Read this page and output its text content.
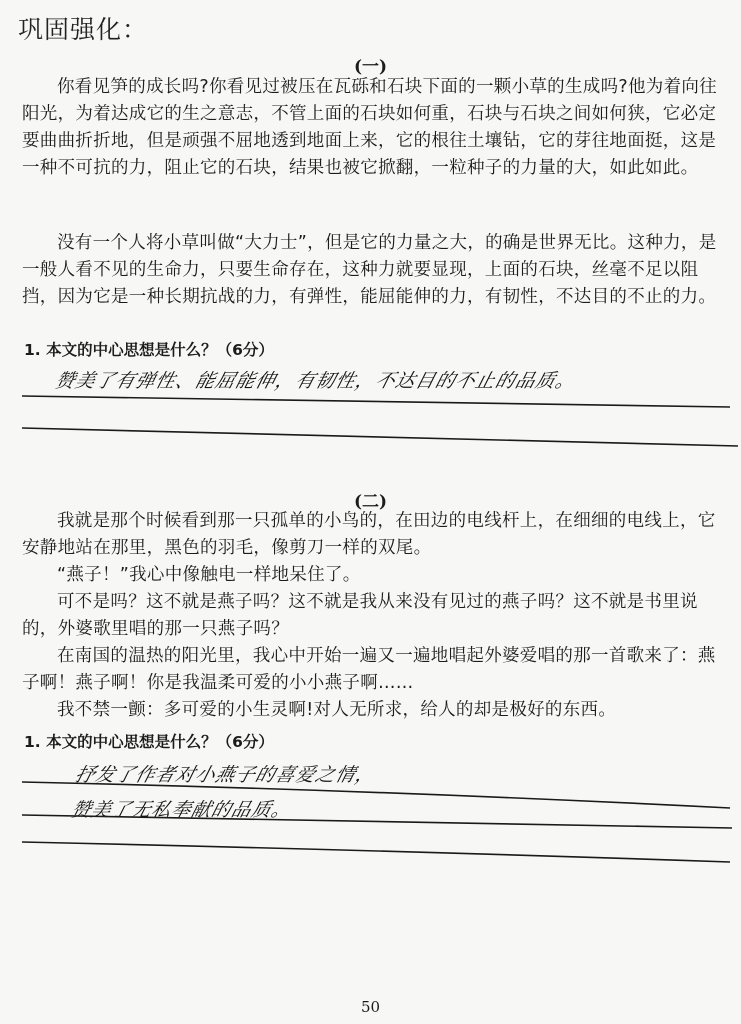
巩固强化：
(一)

你看见笋的成长吗?你看见过被压在瓦砾和石块下面的一颗小草的生成吗?他为着向往阳光，为着达成它的生之意志，不管上面的石块如何重，石块与石块之间如何狭，它必定要曲曲折折地，但是顽强不屈地透到地面上来，它的根往土壤钻，它的芽往地面挺，这是一种不可抗的力，阻止它的石块，结果也被它掀翻，一粒种子的力量的大，如此如此。

没有一个人将小草叫做“大力士”，但是它的力量之大，的确是世界无比。这种力，是一般人看不见的生命力，只要生命存在，这种力就要显现，上面的石块，丝毫不足以阻挡，因为它是一种长期抗战的力，有弹性，能屈能伸的力，有韧性，不达目的不止的力。

1. 本文的中心思想是什么？（6分）
赞美了有弹性、能屈能伸，有韧性，不达目的不止的品质。
(二)

我就是那个时候看到那一只孤单的小鸟的，在田边的电线杆上，在细细的电线上，它安静地站在那里，黑色的羽毛，像剪刀一样的双尾。

“燕子！”我心中像触电一样地呆住了。

可不是吗？这不就是燕子吗？这不就是我从来没有见过的燕子吗？这不就是书里说的，外婆歌里唱的那一只燕子吗？

在南国的温热的阳光里，我心中开始一遍又一遍地唱起外婆爱唱的那一首歌来了：燕子啊！燕子啊！你是我温柔可爱的小小燕子啊……

我不禁一颤：多可爱的小生灵啊!对人无所求，给人的却是极好的东西。

1. 本文的中心思想是什么？（6分）
抒发了作者对小燕子的喜爱之情，
赞美了无私奉献的品质。
50
